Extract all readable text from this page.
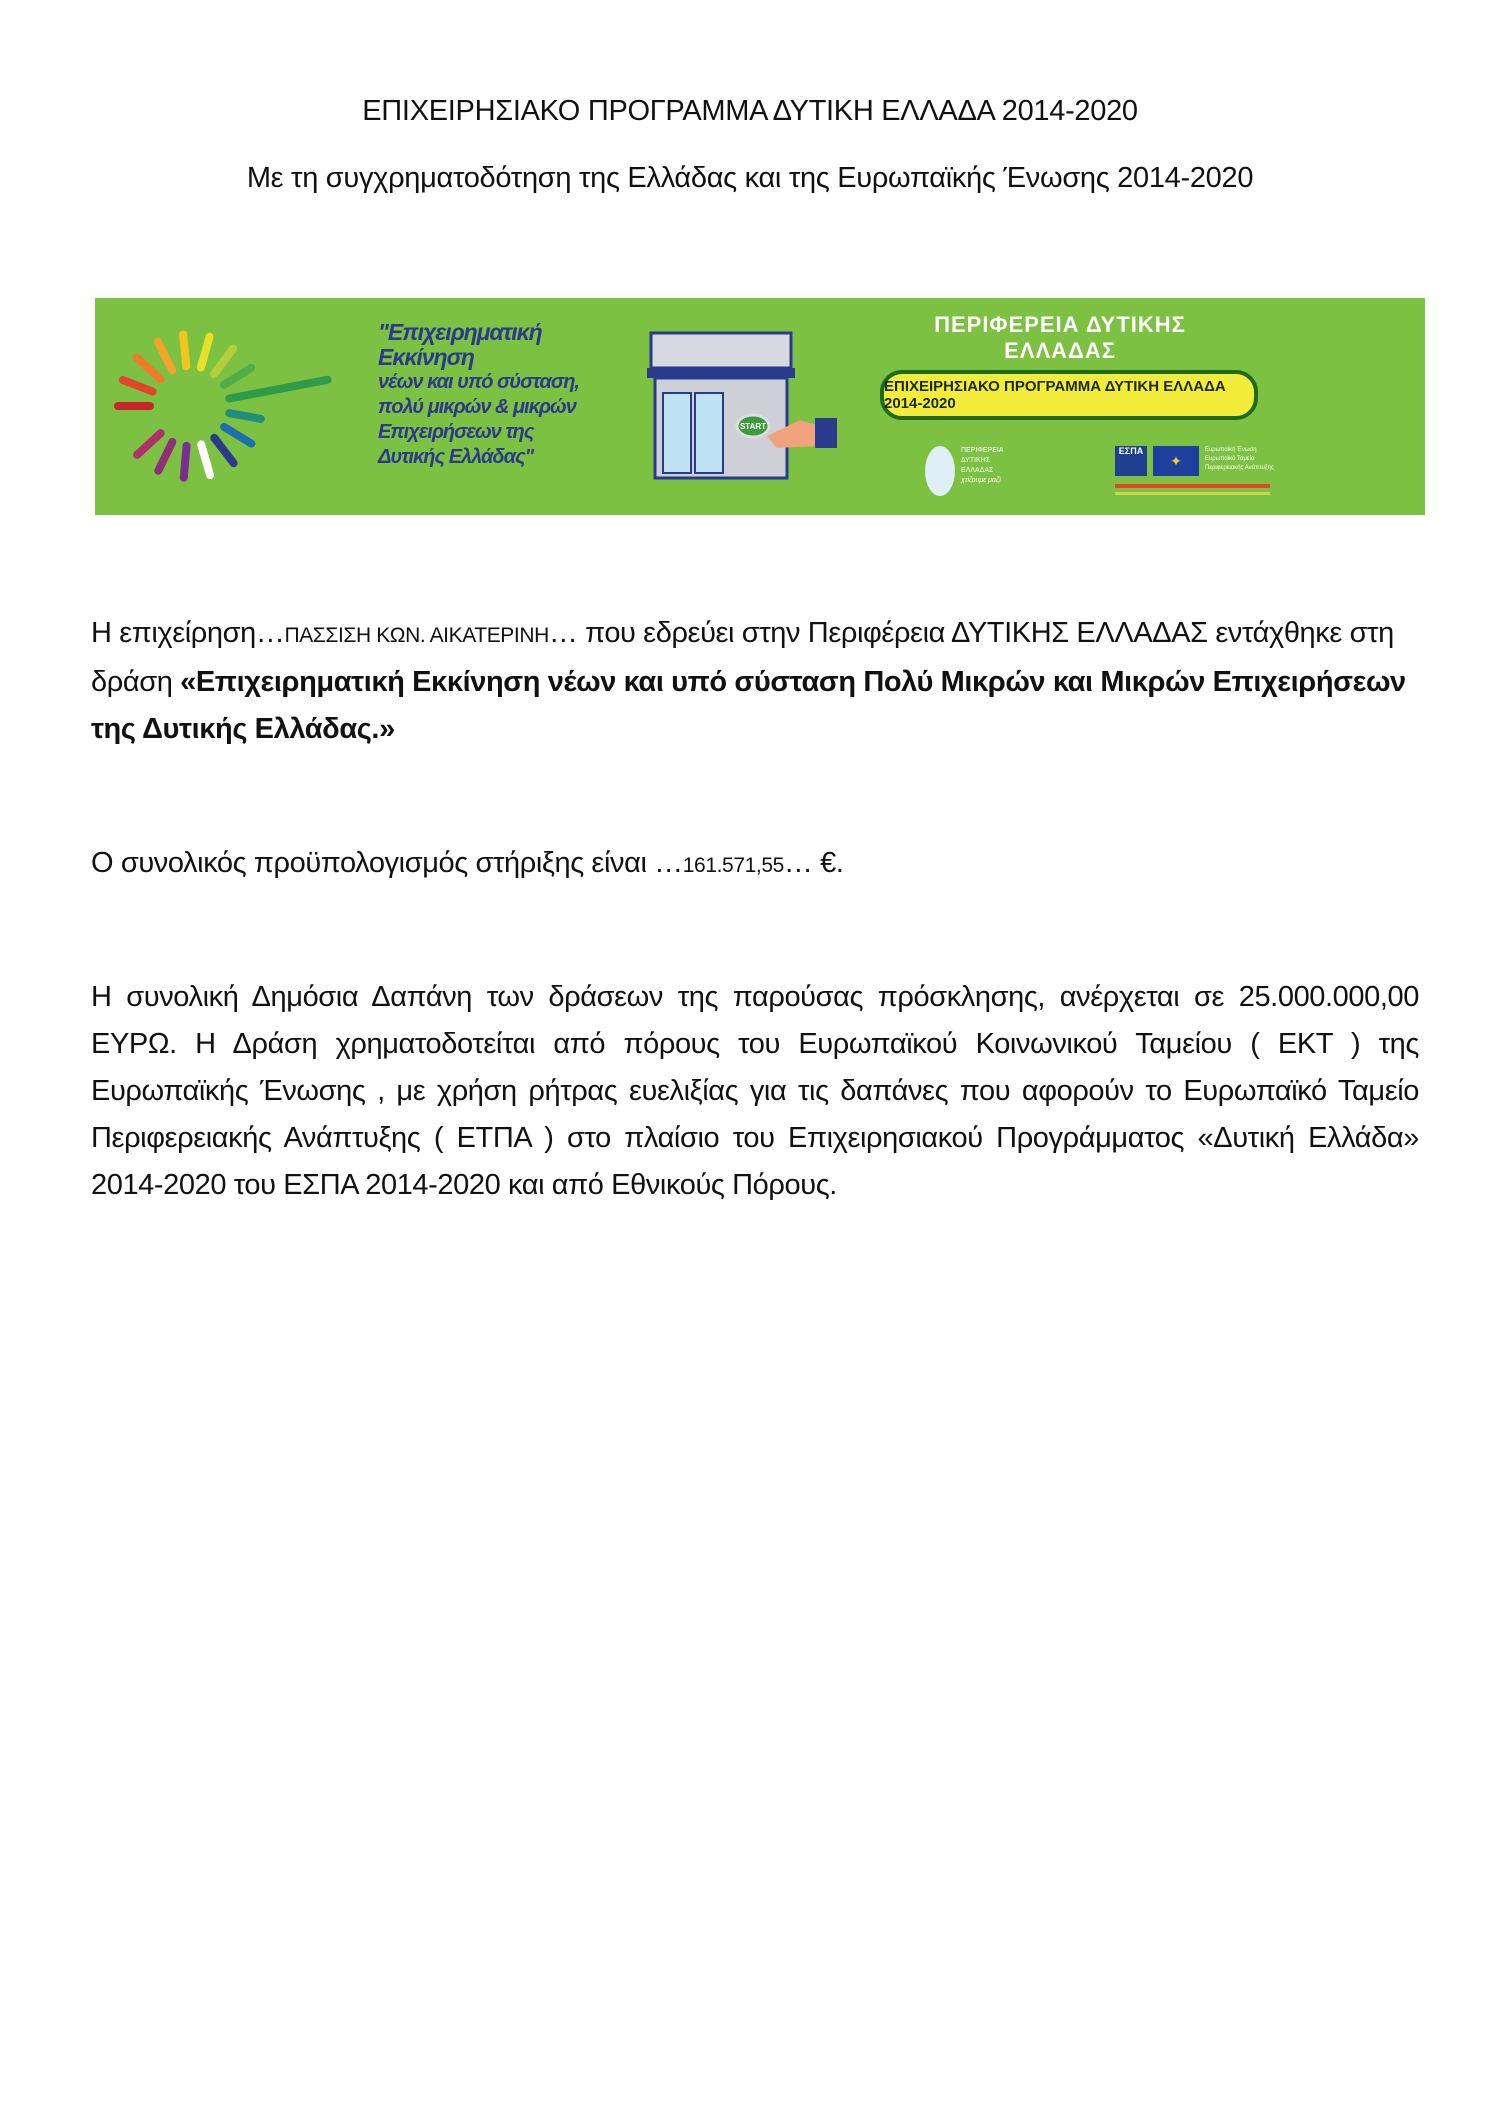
ΕΠΙΧΕΙΡΗΣΙΑΚΟ ΠΡΟΓΡΑΜΜΑ ΔΥΤΙΚΗ ΕΛΛΑΔΑ 2014-2020
Με τη συγχρηματοδότηση της Ελλάδας και της Ευρωπαϊκής Ένωσης 2014-2020
"Επιχειρηματική
Εκκίνηση
νέων και υπό σύσταση,
πολύ μικρών & μικρών
Επιχειρήσεων της
Δυτικής Ελλάδας"
START
ΠΕΡΙΦΕΡΕΙΑ ΔΥΤΙΚΗΣ ΕΛΛΑΔΑΣ
ΕΠΙΧΕΙΡΗΣΙΑΚΟ ΠΡΟΓΡΑΜΜΑ ΔΥΤΙΚΗ ΕΛΛΑΔΑ 2014-2020
ΠΕΡΙΦΕΡΕΙΑ
ΔΥΤΙΚΗΣ
ΕΛΛΑΔΑΣ
χτίζουμε μαζί
ΕΣΠΑ
✦
Ευρωπαϊκή Ένωση
Ευρωπαϊκό Ταμείο
Περιφερειακής Ανάπτυξης
Η επιχείρηση…ΠΑΣΣΙΣΗ ΚΩΝ. ΑΙΚΑΤΕΡΙΝΗ… που εδρεύει στην Περιφέρεια ΔΥΤΙΚΗΣ ΕΛΛΑΔΑΣ εντάχθηκε στη δράση «Επιχειρηματική Εκκίνηση νέων και υπό σύσταση Πολύ Μικρών και Μικρών Επιχειρήσεων της Δυτικής Ελλάδας.»
Ο συνολικός προϋπολογισμός στήριξης είναι …161.571,55… €.
Η συνολική Δημόσια Δαπάνη των δράσεων της παρούσας πρόσκλησης, ανέρχεται σε 25.000.000,00 ΕΥΡΩ. Η Δράση χρηματοδοτείται από πόρους του Ευρωπαϊκού Κοινωνικού Ταμείου ( ΕΚΤ ) της Ευρωπαϊκής Ένωσης , με χρήση ρήτρας ευελιξίας για τις δαπάνες που αφορούν το Ευρωπαϊκό Ταμείο Περιφερειακής Ανάπτυξης ( ΕΤΠΑ ) στο πλαίσιο του Επιχειρησιακού Προγράμματος «Δυτική Ελλάδα» 2014-2020 του ΕΣΠΑ 2014-2020 και από Εθνικούς Πόρους.
